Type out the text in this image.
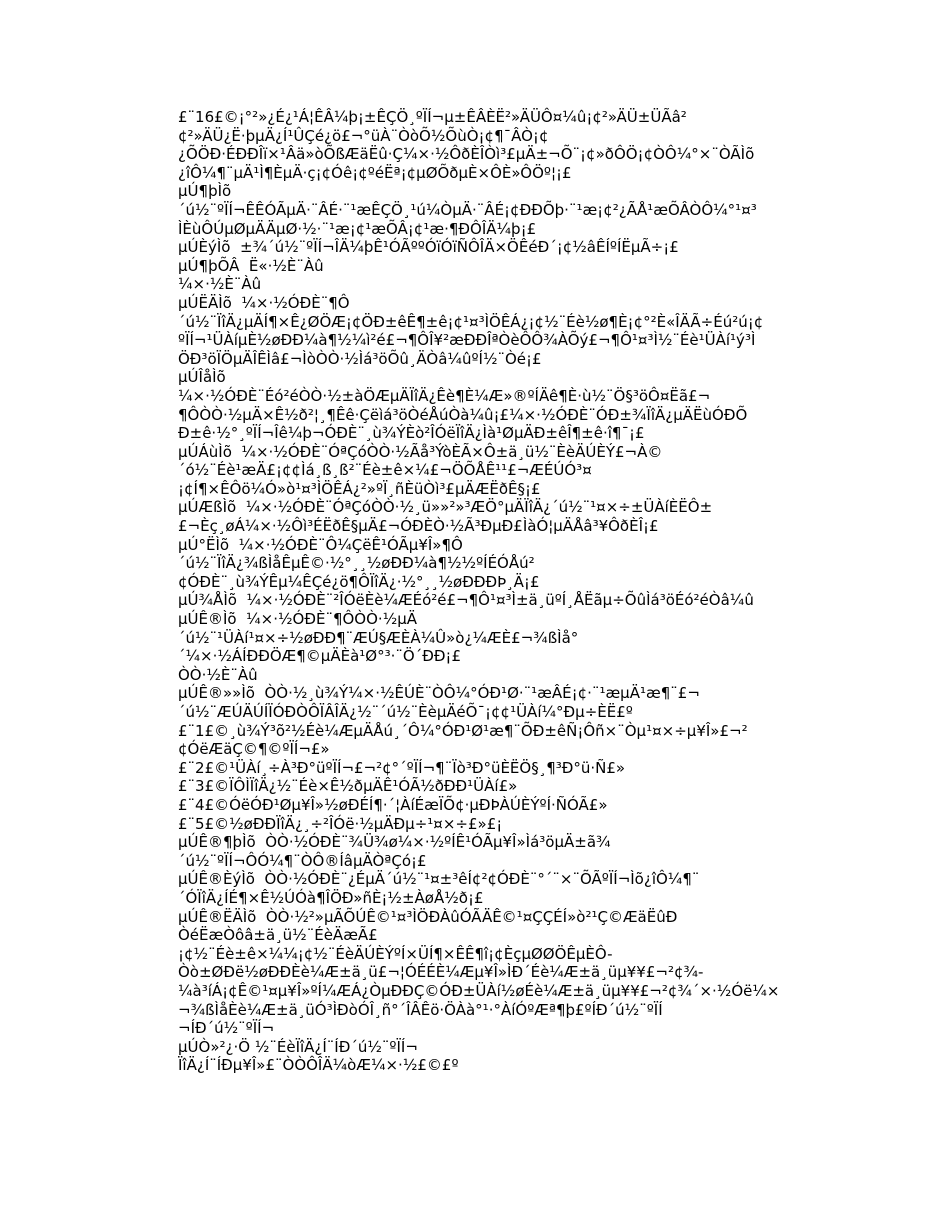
£¨16£©¡°²»¿É¿¹Á¦ÊÂ¼þ¡±ÊÇÖ¸ºÏÍ¬µ±ÊÂÈË²»ÄÜÔ¤¼û¡¢²»ÄÜ±ÜÃâ²
¢²»ÄÜ¿Ë·þµÄ¿Í¹ÛÇé¿ö£¬°üÀ¨ÒòÕ½ÕùÒ¡¢¶¯ÂÒ¡¢
¿ÕÖÐ·ÉÐÐÎï×¹Âä»òÕßÆäËû·Ç¼×·½ÔðÈÎÒì³£µÄ±¬Õ¨¡¢»ðÔÖ¡¢ÒÔ¼°×¨ÒÃÌõ
¿îÔ¼¶¨µÄ¹Ì¶ÈµÄ·ç¡¢Óê¡¢ºéËª¡¢µØÕðµÈ×ÔÈ»ÔÖº¦¡£
µÚ¶þÌõ
´ú½¨ºÏÍ¬ÊÊÓÃµÄ·¨ÂÉ·¨¹æÊÇÖ¸¹ú¼ÒµÄ·¨ÂÉ¡¢ÐÐÕþ·¨¹æ¡¢²¿ÃÅ¹æÕÂÒÔ¼°¹¤³
ÌÈùÔÚµØµÄÄµØ·½·¨¹æ¡¢¹æÕÂ¡¢¹æ·¶ÐÔÎÄ¼þ¡£
µÚÈýÌõ  ±¾´ú½¨ºÏÍ¬ÎÄ¼þÊ¹ÓÃººÓïÓïÑÔÎÄ×ÖÊéÐ´¡¢½âÊÍºÍËµÃ÷¡£
µÚ¶þÕÂ  Ë«·½È¨Àû
¼×·½È¨Àû
µÚËÄÌõ  ¼×·½ÓÐÈ¨¶Ô
´ú½¨ÏîÄ¿µÄÍ¶×Ê¿ØÖÆ¡¢ÖÐ±êÊ¶±ê¡¢¹¤³ÌÖÊÁ¿¡¢½¨Éè½ø¶È¡¢°²È«ÎÄÃ÷Éú²ú¡¢
ºÏÍ¬¹ÜÀíµÈ½øÐÐ¼à¶½¼ì²é£¬¶ÔÎ¥²æÐÐÎªÒèÔÔ¾ÀÕý£¬¶Ô¹¤³Ì½¨Éè¹ÜÀí¹ý³Ì
ÖÐ³öÏÖµÄÎÊÌâ£¬ÌòÒÒ·½Ìá³öÕû¸ÄÒâ¼ûºÍ½¨Òé¡£
µÚÎåÌõ
¼×·½ÓÐÈ¨Éó²éÒÒ·½±àÖÆµÄÏîÄ¿Êè¶È¼Æ»®ºÍÄê¶È·ù½¨Ö§³öÔ¤Ëã£¬
¶ÔÒÒ·½µÄ×Ê½ð²¦¸¶Êê·Çëìá³öÒéÅúÒà¼û¡£¼×·½ÓÐÈ¨ÓÐ±¾ÏîÄ¿µÄËùÓÐÕ
Ð±ê·½°¸ºÏÍ¬Îê¼þ¬ÓÐÈ¨¸ù¾ÝÈò²ÎÓëÏîÄ¿Ìà¹ØµÄÐ±êÎ¶±ê·î¶¯¡£
µÚÁùÌõ  ¼×·½ÓÐÈ¨ÓªÇóÒÒ·½Ãå³ÝòÈÃ×Ô±ä¸ü½¨ÈèÄÚÈÝ£¬À©
´ó½¨Éè¹æÄ£¡¢¢Ìá¸ß¸ß²¨Éè±ê×¼£¬ÖÕÅÊ¹¹£¬ÆÉÚÓ³¤
¡¢Í¶×ÊÔö¼Ó»ò¹¤³ÌÖÊÁ¿²»ºÏ¸ñÈüÒì³£µÄÆËðÊ§¡£
µÚÆßÌõ  ¼×·½ÓÐÈ¨ÓªÇóÒÒ·½¸ü»»²»³ÆÖ°µÄÏîÄ¿´ú½¨¹¤×÷±ÜÀíÈËÔ±
£¬Èç¸øÁ¼×·½Ôì³ÉËðÊ§µÄ£¬ÓÐÈÒ·½Ã³ÐµÐ£ÌàÓ¦µÄÅâ³¥ÔðÈÎ¡£
µÚ°ËÌõ  ¼×·½ÓÐÈ¨Ô¼ÇëÊ¹ÓÃµ¥Î»¶Ô
´ú½¨ÏîÄ¿¾ßÌåÊµÊ©·½°¸¸½øÐÐ¼à¶½½ºÍÉÓÅú²
¢ÓÐÈ¨¸ù¾ÝÊµ¼ÊÇé¿ö¶ÔÏîÄ¿·½°¸¸½øÐÐÐÞ¸Ä¡£
µÚ¾ÅÌõ  ¼×·½ÓÐÈ¨²ÎÓëÈè¼ÆÉó²é£¬¶Ô¹¤³Ì±ä¸üºÍ¸ÅËãµ÷ÕûÌá³öÉó²éÒâ¼û
µÚÊ®Ìõ  ¼×·½ÓÐÈ¨¶ÔÒÒ·½µÄ
´ú½¨¹ÜÀí¹¤×÷½øÐÐ¶¨ÆÚ§ÆÈÀ¼Û»ò¿¼ÆÈ£¬¾ßÌå°
´¼×·½ÁÍÐÐÖÆ¶©µÄÈà¹Ø°³·¨Ö´ÐÐ¡£
ÒÒ·½È¨Àû
µÚÊ®»»Ìõ  ÒÒ·½¸ù¾Ý¼×·½ÊÚÈ¨ÒÔ¼°ÓÐ¹Ø·¨¹æÂÉ¡¢·¨¹æµÄ¹æ¶¨£¬
´ú½¨ÆÚÄÚÍÏÓÐÒÔÏÂÎÄ¿½¨´ú½¨ÈèµÄéÕ¯¡¢¢¹ÜÀí¼°Ðµ÷ÈË£º
£¨1£©¸ù¾Ý³õ²½Éè¼ÆµÄÅú¸´Ô¼°ÓÐ¹Ø¹æ¶¨ÕÐ±êÑ¡Ôñ×¨Òµ¹¤×÷µ¥Î»£¬²
¢ÓëÆäÇ©¶©ºÏÍ¬£»
£¨2£©¹ÜÀí¸÷À³Ð°üºÏÍ¬£¬²¢°´ºÏÍ¬¶¨Ïò³Ð°üÈËÖ§¸¶³Ð°ü·Ñ£»
£¨3£©ÏÔÌÏîÄ¿½¨Éè×Ê½ðµÄÊ¹ÓÃ½ðÐÐ¹ÜÀí£»
£¨4£©ÓëÓÐ¹Øµ¥Î»½øÐÉÍ¶·´¦ÀíÉæÏÕ¢·µÐÞÀÚÈÝºÍ·ÑÓÃ£»
£¨5£©½øÐÐÏîÄ¿¸÷²ÎÓë·½µÄÐµ÷¹¤×÷£»£¡
µÚÊ®¶þÌõ  ÒÒ·½ÓÐÈ¨¾Ü¾ø¼×·½ºÍÊ¹ÓÃµ¥Î»Ìá³öµÄ±ã¾
´ú½¨ºÏÍ¬ÔÓ¼¶¨ÒÔ®ÍâµÄÒªÇó¡£
µÚÊ®ÈýÌõ  ÒÒ·½ÓÐÈ¨¿ÉµÄ´ú½¨¹¤±³êÍ¢²¢ÓÐÈ¨°´¨×¨ÕÃºÏÍ¬Ìõ¿îÔ¼¶¨
´ÓÏîÄ¿ÍÉ¶×Ê½ÚÓà¶ÎÖÐ»ñÈ¡½±ÀøÅ½ð¡£
µÚÊ®ËÄÌõ  ÒÒ·½²»µÃÕÚÊ©¹¤³ÌÖÐÀûÓÃÄÊ©¹¤ÇÇÉÍ»ò²¹Ç©ÆäËûÐ
ÒéËæÒôâ±ä¸ü½¨ÉèÄæÃ£
¡¢½¨Éè±ê×¼¼¡¢½¨ÉèÄÚÈÝºÍ×ÜÍ¶×ÊÊ¶î¡¢ÈçµØØÖÊµÈÔ-
Òò±ØÐë½øÐÐÈè¼Æ±ä¸ü£¬¦ÓÉÉÈ¼Æµ¥Î»ÌÐ´Éè¼Æ±ä¸üµ¥¥£¬²¢¾-
¼à³íÁ¡¢Ê©¹¤µ¥Î»ºÍ¼ÆÁ¿ÒµÐÐÇ©ÓÐ±ÜÀí½øÉè¼Æ±ä¸üµ¥¥£¬²¢¾´×·½Óë¼×
¬¾ßÌåÈè¼Æ±ä¸üÓ³ÌÐòÓÎ¸ñ°´ÎÂÊö·ÖÀà°¹·°ÀíÓºÆª¶þ£ºÍÐ´ú½¨ºÏÍ
¬ÍÐ´ú½¨ºÏÍ¬
µÚÒ»²¿·Ö ½¨ÉèÏîÄ¿Í¨ÍÐ´ú½¨ºÏÍ¬
ÏîÄ¿Í¨ÍÐµ¥Î»£¨ÒÒÔÎÄ¼òÆ¼×·½£©£º
